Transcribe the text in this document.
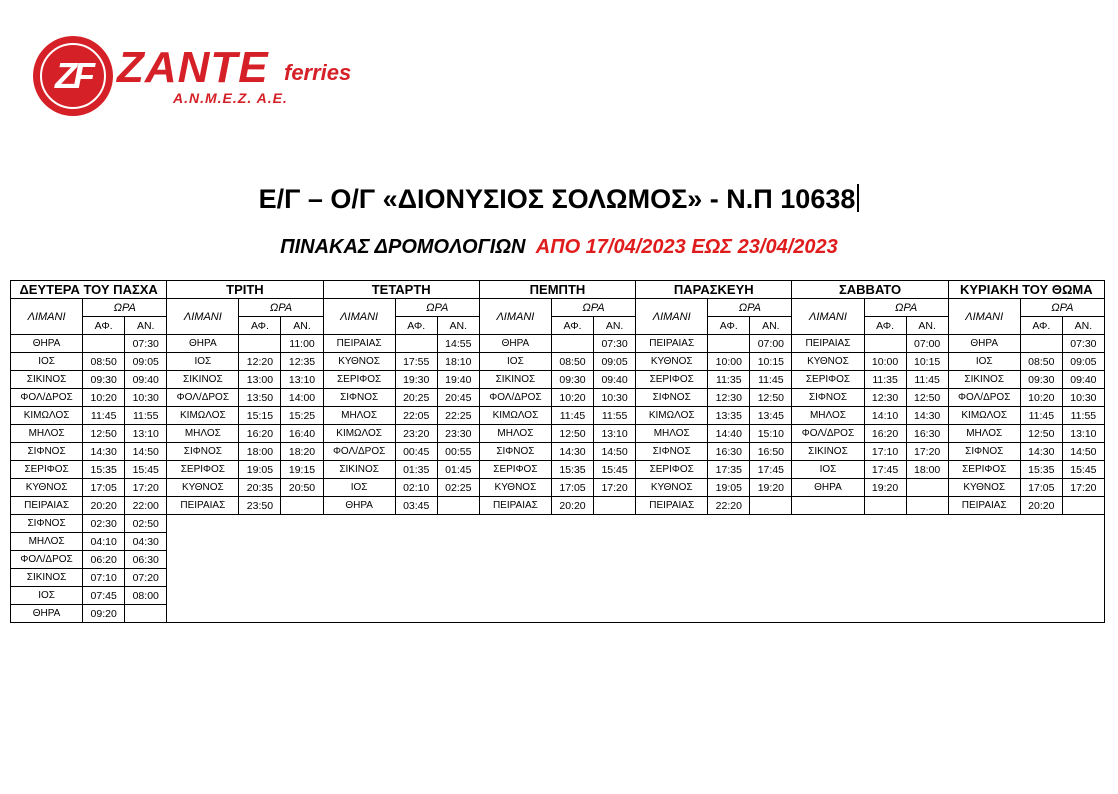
ZF ZANTE ferries
Α.Ν.Μ.Ε.Ζ. Α.Ε.
Ε/Γ – Ο/Γ «ΔΙΟΝΥΣΙΟΣ ΣΟΛΩΜΟΣ» - Ν.Π 10638
ΠΙΝΑΚΑΣ ΔΡΟΜΟΛΟΓΙΩΝ ΑΠΟ 17/04/2023 ΕΩΣ 23/04/2023
ΔΕΥΤΕΡΑ ΤΟΥ ΠΑΣΧΑ			ΤΡΙΤΗ			ΤΕΤΑΡΤΗ			ΠΕΜΠΤΗ			ΠΑΡΑΣΚΕΥΗ			ΣΑΒΒΑΤΟ			ΚΥΡΙΑΚΗ ΤΟΥ ΘΩΜΑ		
ΛΙΜΑΝΙ	ΩΡΑ		ΛΙΜΑΝΙ	ΩΡΑ		ΛΙΜΑΝΙ	ΩΡΑ		ΛΙΜΑΝΙ	ΩΡΑ		ΛΙΜΑΝΙ	ΩΡΑ		ΛΙΜΑΝΙ	ΩΡΑ		ΛΙΜΑΝΙ	ΩΡΑ	
	ΑΦ.	ΑΝ.		ΑΦ.	ΑΝ.		ΑΦ.	ΑΝ.		ΑΦ.	ΑΝ.		ΑΦ.	ΑΝ.		ΑΦ.	ΑΝ.		ΑΦ.	ΑΝ.
ΘΗΡΑ		07:30	ΘΗΡΑ		11:00	ΠΕΙΡΑΙΑΣ		14:55	ΘΗΡΑ		07:30	ΠΕΙΡΑΙΑΣ		07:00	ΠΕΙΡΑΙΑΣ		07:00	ΘΗΡΑ		07:30
ΙΟΣ	08:50	09:05	ΙΟΣ	12:20	12:35	ΚΥΘΝΟΣ	17:55	18:10	ΙΟΣ	08:50	09:05	ΚΥΘΝΟΣ	10:00	10:15	ΚΥΘΝΟΣ	10:00	10:15	ΙΟΣ	08:50	09:05
ΣΙΚΙΝΟΣ	09:30	09:40	ΣΙΚΙΝΟΣ	13:00	13:10	ΣΕΡΙΦΟΣ	19:30	19:40	ΣΙΚΙΝΟΣ	09:30	09:40	ΣΕΡΙΦΟΣ	11:35	11:45	ΣΕΡΙΦΟΣ	11:35	11:45	ΣΙΚΙΝΟΣ	09:30	09:40
ΦΟΛ/ΔΡΟΣ	10:20	10:30	ΦΟΛ/ΔΡΟΣ	13:50	14:00	ΣΙΦΝΟΣ	20:25	20:45	ΦΟΛ/ΔΡΟΣ	10:20	10:30	ΣΙΦΝΟΣ	12:30	12:50	ΣΙΦΝΟΣ	12:30	12:50	ΦΟΛ/ΔΡΟΣ	10:20	10:30
ΚΙΜΩΛΟΣ	11:45	11:55	ΚΙΜΩΛΟΣ	15:15	15:25	ΜΗΛΟΣ	22:05	22:25	ΚΙΜΩΛΟΣ	11:45	11:55	ΚΙΜΩΛΟΣ	13:35	13:45	ΜΗΛΟΣ	14:10	14:30	ΚΙΜΩΛΟΣ	11:45	11:55
ΜΗΛΟΣ	12:50	13:10	ΜΗΛΟΣ	16:20	16:40	ΚΙΜΩΛΟΣ	23:20	23:30	ΜΗΛΟΣ	12:50	13:10	ΜΗΛΟΣ	14:40	15:10	ΦΟΛ/ΔΡΟΣ	16:20	16:30	ΜΗΛΟΣ	12:50	13:10
ΣΙΦΝΟΣ	14:30	14:50	ΣΙΦΝΟΣ	18:00	18:20	ΦΟΛ/ΔΡΟΣ	00:45	00:55	ΣΙΦΝΟΣ	14:30	14:50	ΣΙΦΝΟΣ	16:30	16:50	ΣΙΚΙΝΟΣ	17:10	17:20	ΣΙΦΝΟΣ	14:30	14:50
ΣΕΡΙΦΟΣ	15:35	15:45	ΣΕΡΙΦΟΣ	19:05	19:15	ΣΙΚΙΝΟΣ	01:35	01:45	ΣΕΡΙΦΟΣ	15:35	15:45	ΣΕΡΙΦΟΣ	17:35	17:45	ΙΟΣ	17:45	18:00	ΣΕΡΙΦΟΣ	15:35	15:45
ΚΥΘΝΟΣ	17:05	17:20	ΚΥΘΝΟΣ	20:35	20:50	ΙΟΣ	02:10	02:25	ΚΥΘΝΟΣ	17:05	17:20	ΚΥΘΝΟΣ	19:05	19:20	ΘΗΡΑ	19:20		ΚΥΘΝΟΣ	17:05	17:20
ΠΕΙΡΑΙΑΣ	20:20	22:00	ΠΕΙΡΑΙΑΣ	23:50		ΘΗΡΑ	03:45		ΠΕΙΡΑΙΑΣ	20:20		ΠΕΙΡΑΙΑΣ	22:20					ΠΕΙΡΑΙΑΣ	20:20	
ΣΙΦΝΟΣ	02:30	02:50																		
ΜΗΛΟΣ	04:10	04:30																		
ΦΟΛ/ΔΡΟΣ	06:20	06:30																		
ΣΙΚΙΝΟΣ	07:10	07:20																		
ΙΟΣ	07:45	08:00																		
ΘΗΡΑ	09:20																			
